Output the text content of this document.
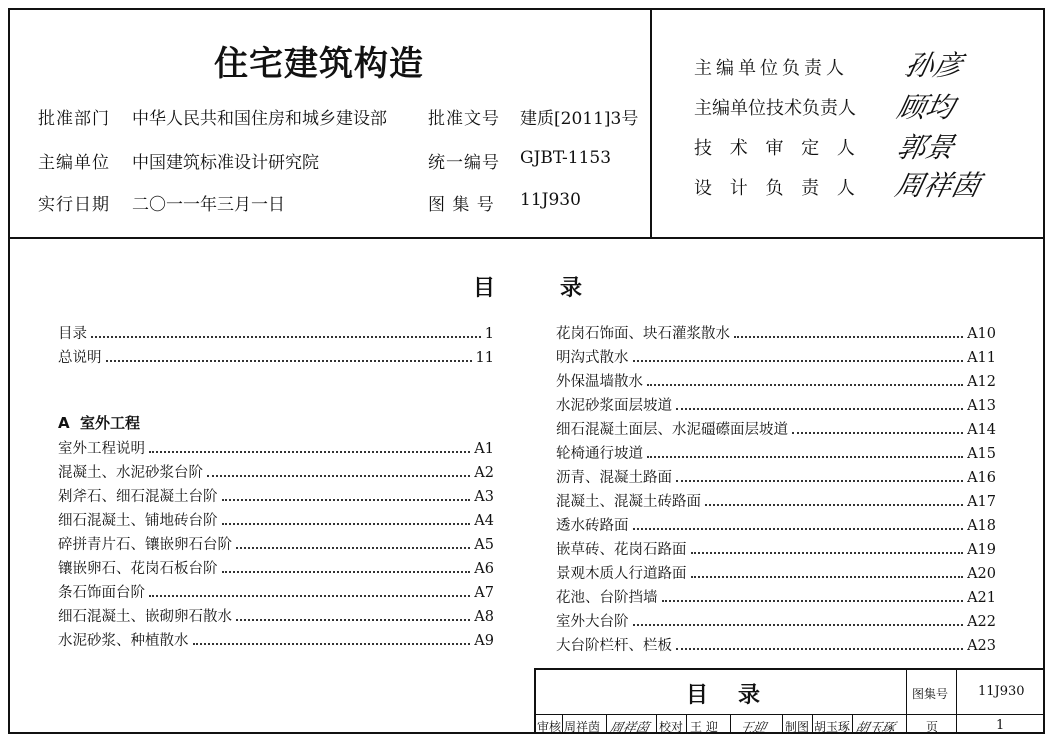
住宅建筑构造
批准部门 中华人民共和国住房和城乡建设部 批准文号 建质[2011]3号
主编单位 中国建筑标准设计研究院	统一编号 GJBT-1153
实行日期 二〇一一年三月一日	图 集 号 11J930
主编单位负责人 孙彦
主编单位技术负责人 顾均
技 术 审 定 人 郭景
设 计 负 责 人 周祥茵
目	录
目录	1
总说明	11
A  室外工程
室外工程说明	A1
混凝土、水泥砂浆台阶	A2
剁斧石、细石混凝土台阶	A3
细石混凝土、铺地砖台阶	A4
碎拼青片石、镶嵌卵石台阶	A5
镶嵌卵石、花岗石板台阶	A6
条石饰面台阶	A7
细石混凝土、嵌砌卵石散水	A8
水泥砂浆、种植散水	A9
花岗石饰面、块石灌浆散水	A10
明沟式散水	A11
外保温墙散水	A12
水泥砂浆面层坡道	A13
细石混凝土面层、水泥礓礤面层坡道	A14
轮椅通行坡道	A15
沥青、混凝土路面	A16
混凝土、混凝土砖路面	A17
透水砖路面	A18
嵌草砖、花岗石路面	A19
景观木质人行道路面	A20
花池、台阶挡墙	A21
室外大台阶	A22
大台阶栏杆、栏板	A23
目录	图集号 11J930
审核 周祥茵 周祥茵 校对 王 迎 王迎 制图 胡玉琢 胡玉琢 页	1
